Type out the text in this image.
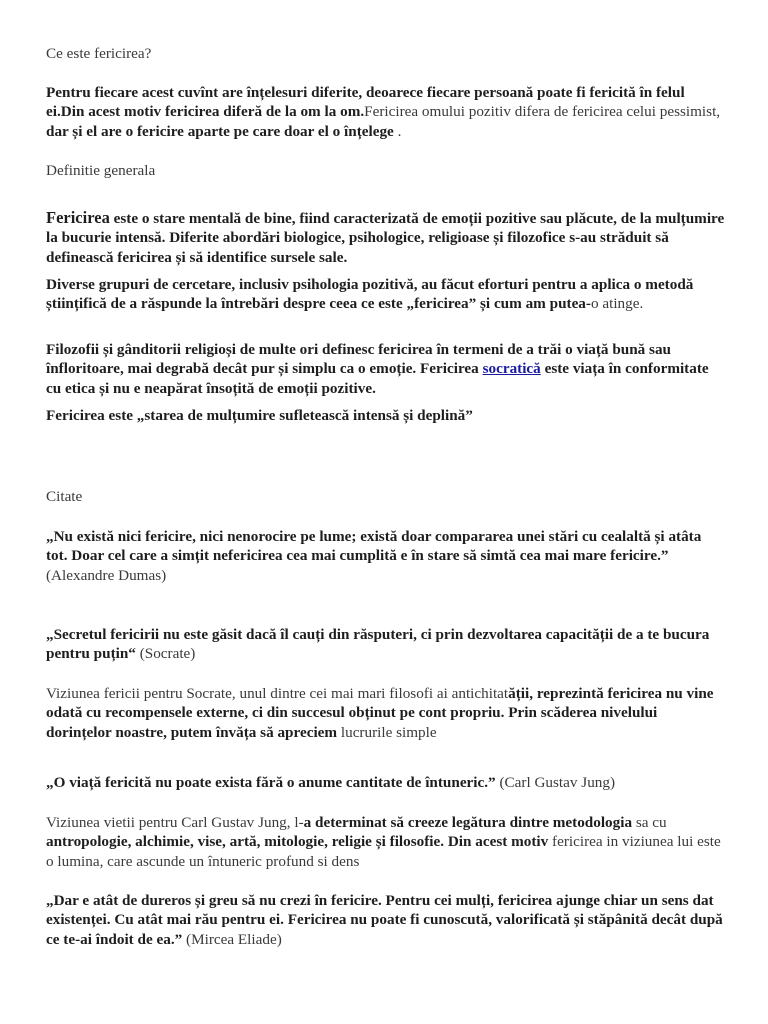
Ce este fericirea?

Pentru fiecare acest cuvînt are înțelesuri diferite, deoarece fiecare persoană poate fi fericită în felul ei.Din acest motiv fericirea diferă de la om la om.Fericirea omului pozitiv difera de fericirea celui pessimist, dar și el are o fericire aparte pe care doar el o înțelege .

Definitie generala

Fericirea este o stare mentală de bine, fiind caracterizată de emoții pozitive sau plăcute, de la mulțumire la bucurie intensă. Diferite abordări biologice, psihologice, religioase și filozofice s-au străduit să definească fericirea și să identifice sursele sale.

Diverse grupuri de cercetare, inclusiv psihologia pozitivă, au făcut eforturi pentru a aplica o metodă științifică de a răspunde la întrebări despre ceea ce este „fericirea” și cum am putea-o atinge.

Filozofii și gânditorii religioși de multe ori definesc fericirea în termeni de a trăi o viață bună sau înfloritoare, mai degrabă decât pur și simplu ca o emoție. Fericirea socratică este viața în conformitate cu etica și nu e neapărat însoțită de emoții pozitive.

Fericirea este „starea de mulțumire sufletească intensă și deplină”

Citate

„Nu există nici fericire, nici nenorocire pe lume; există doar compararea unei stări cu cealaltă și atâta tot. Doar cel care a simțit nefericirea cea mai cumplită e în stare să simtă cea mai mare fericire.” (Alexandre Dumas)

„Secretul fericirii nu este găsit dacă îl cauți din răsputeri, ci prin dezvoltarea capacității de a te bucura pentru puțin“ (Socrate)

Viziunea fericii pentru Socrate, unul dintre cei mai mari filosofi ai antichitatății, reprezintă fericirea nu vine odată cu recompensele externe, ci din succesul obținut pe cont propriu. Prin scăderea nivelului dorințelor noastre, putem învăța să apreciem lucrurile simple

„O viață fericită nu poate exista fără o anume cantitate de întuneric.” (Carl Gustav Jung)

Viziunea vietii pentru Carl Gustav Jung, l-a determinat să creeze legătura dintre metodologia sa cu antropologie, alchimie, vise, artă, mitologie, religie și filosofie. Din acest motiv fericirea in viziunea lui este o lumina, care ascunde un întuneric profund si dens

„Dar e atât de dureros și greu să nu crezi în fericire. Pentru cei mulți, fericirea ajunge chiar un sens dat existenței. Cu atât mai rău pentru ei. Fericirea nu poate fi cunoscută, valorificată și stăpânită decât după ce te-ai îndoit de ea.” (Mircea Eliade)
